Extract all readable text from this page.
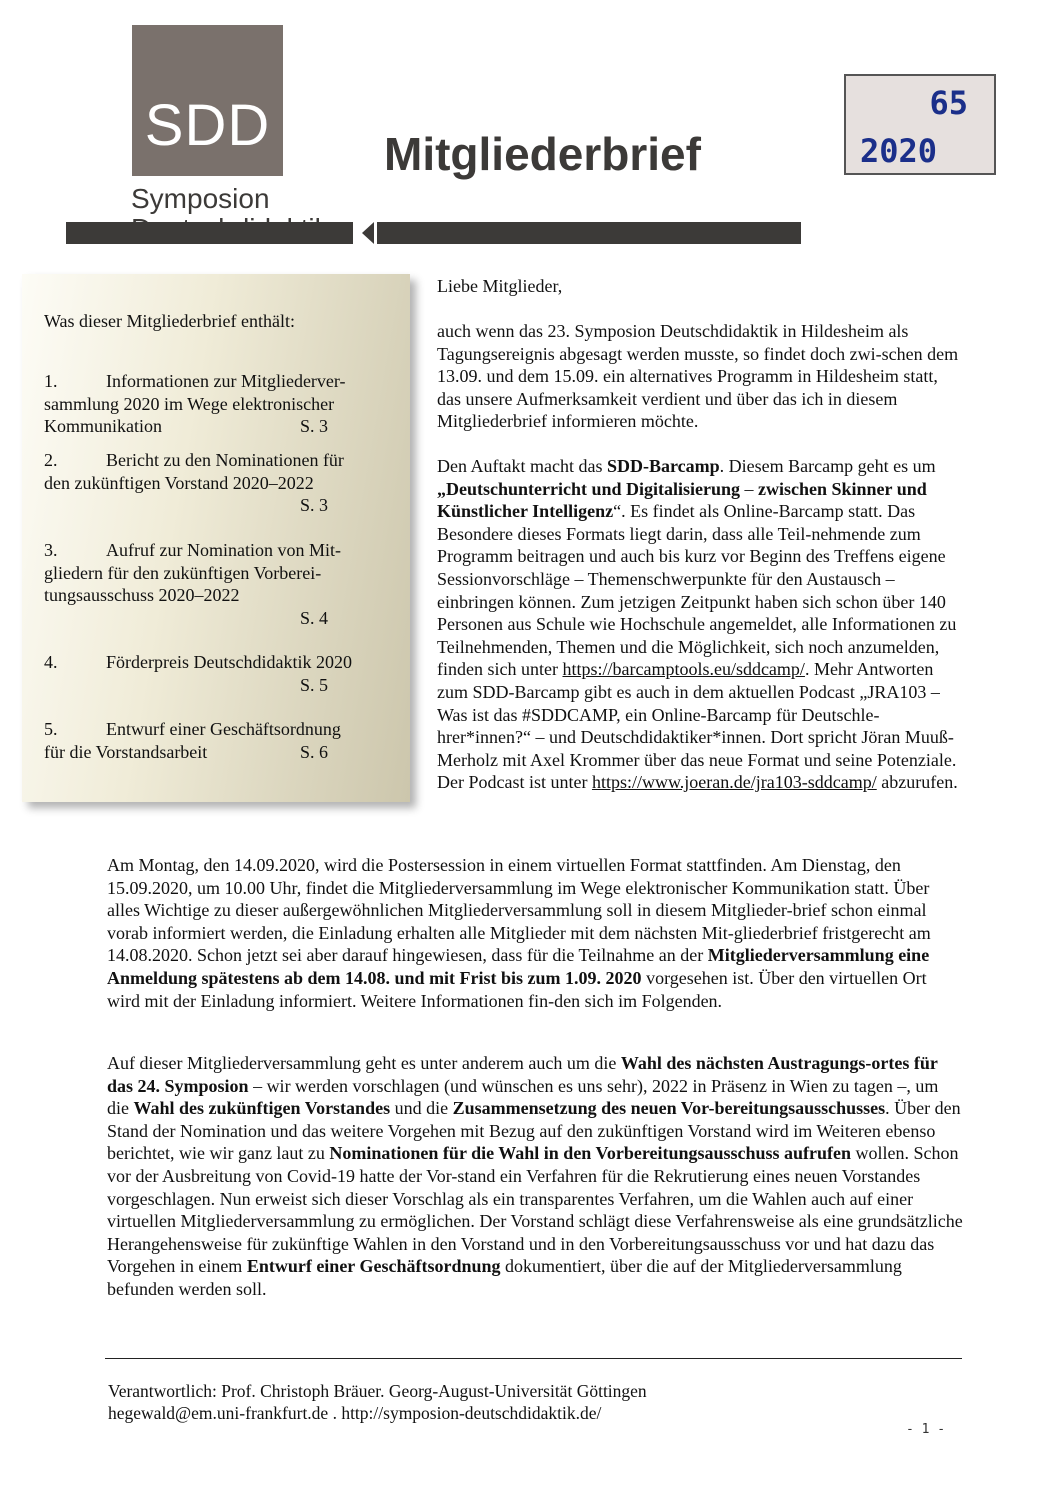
SDD
Symposion
Mitgliederbrief
65
2020
Was dieser Mitgliederbrief enthält:
1.	Informationen zur Mitgliederver-
sammlung 2020 im Wege elektronischer
Kommunikation	S. 3
2.	Bericht zu den Nominationen für
den zukünftigen Vorstand 2020–2022
S. 3
3.	Aufruf zur Nomination von Mit-
gliedern für den zukünftigen Vorberei-
tungsausschuss 2020–2022
S. 4
4.	Förderpreis Deutschdidaktik 2020
S. 5
5.	Entwurf einer Geschäftsordnung
für die Vorstandsarbeit	S. 6
Liebe Mitglieder,
auch wenn das 23. Symposion Deutschdidaktik in Hildesheim als Tagungsereignis abgesagt werden musste, so findet doch zwi-schen dem 13.09. und dem 15.09. ein alternatives Programm in Hildesheim statt, das unsere Aufmerksamkeit verdient und über das ich in diesem Mitgliederbrief informieren möchte.
Den Auftakt macht das SDD-Barcamp. Diesem Barcamp geht es um „Deutschunterricht und Digitalisierung – zwischen Skinner und Künstlicher Intelligenz“. Es findet als Online-Barcamp statt. Das Besondere dieses Formats liegt darin, dass alle Teil-nehmende zum Programm beitragen und auch bis kurz vor Beginn des Treffens eigene Sessionvorschläge – Themenschwerpunkte für den Austausch – einbringen können. Zum jetzigen Zeitpunkt haben sich schon über 140 Personen aus Schule wie Hochschule angemeldet, alle Informationen zu Teilnehmenden, Themen und die Möglichkeit, sich noch anzumelden, finden sich unter https://barcamptools.eu/sddcamp/. Mehr Antworten zum SDD-Barcamp gibt es auch in dem aktuellen Podcast „JRA103 – Was ist das #SDDCAMP, ein Online-Barcamp für Deutschle-hrer*innen?“ – und Deutschdidaktiker*innen. Dort spricht Jöran Muuß-Merholz mit Axel Krommer über das neue Format und seine Potenziale. Der Podcast ist unter https://www.joeran.de/jra103-sddcamp/ abzurufen.
Am Montag, den 14.09.2020, wird die Postersession in einem virtuellen Format stattfinden. Am Dienstag, den 15.09.2020, um 10.00 Uhr, findet die Mitgliederversammlung im Wege elektronischer Kommunikation statt. Über alles Wichtige zu dieser außergewöhnlichen Mitgliederversammlung soll in diesem Mitglieder-brief schon einmal vorab informiert werden, die Einladung erhalten alle Mitglieder mit dem nächsten Mit-gliederbrief fristgerecht am 14.08.2020. Schon jetzt sei aber darauf hingewiesen, dass für die Teilnahme an der Mitgliederversammlung eine Anmeldung spätestens ab dem 14.08. und mit Frist bis zum 1.09. 2020 vorgesehen ist. Über den virtuellen Ort wird mit der Einladung informiert. Weitere Informationen fin-den sich im Folgenden.
Auf dieser Mitgliederversammlung geht es unter anderem auch um die Wahl des nächsten Austragungs-ortes für das 24. Symposion – wir werden vorschlagen (und wünschen es uns sehr), 2022 in Präsenz in Wien zu tagen –, um die Wahl des zukünftigen Vorstandes und die Zusammensetzung des neuen Vor-bereitungsausschusses. Über den Stand der Nomination und das weitere Vorgehen mit Bezug auf den zukünftigen Vorstand wird im Weiteren ebenso berichtet, wie wir ganz laut zu Nominationen für die Wahl in den Vorbereitungsausschuss aufrufen wollen. Schon vor der Ausbreitung von Covid-19 hatte der Vor-stand ein Verfahren für die Rekrutierung eines neuen Vorstandes vorgeschlagen. Nun erweist sich dieser Vorschlag als ein transparentes Verfahren, um die Wahlen auch auf einer virtuellen Mitgliederversammlung zu ermöglichen. Der Vorstand schlägt diese Verfahrensweise als eine grundsätzliche Herangehensweise für zukünftige Wahlen in den Vorstand und in den Vorbereitungsausschuss vor und hat dazu das Vorgehen in einem Entwurf einer Geschäftsordnung dokumentiert, über die auf der Mitgliederversammlung befunden werden soll.
Verantwortlich: Prof. Christoph Bräuer. Georg-August-Universität Göttingen
hegewald@em.uni-frankfurt.de . http://symposion-deutschdidaktik.de/
- 1 -
